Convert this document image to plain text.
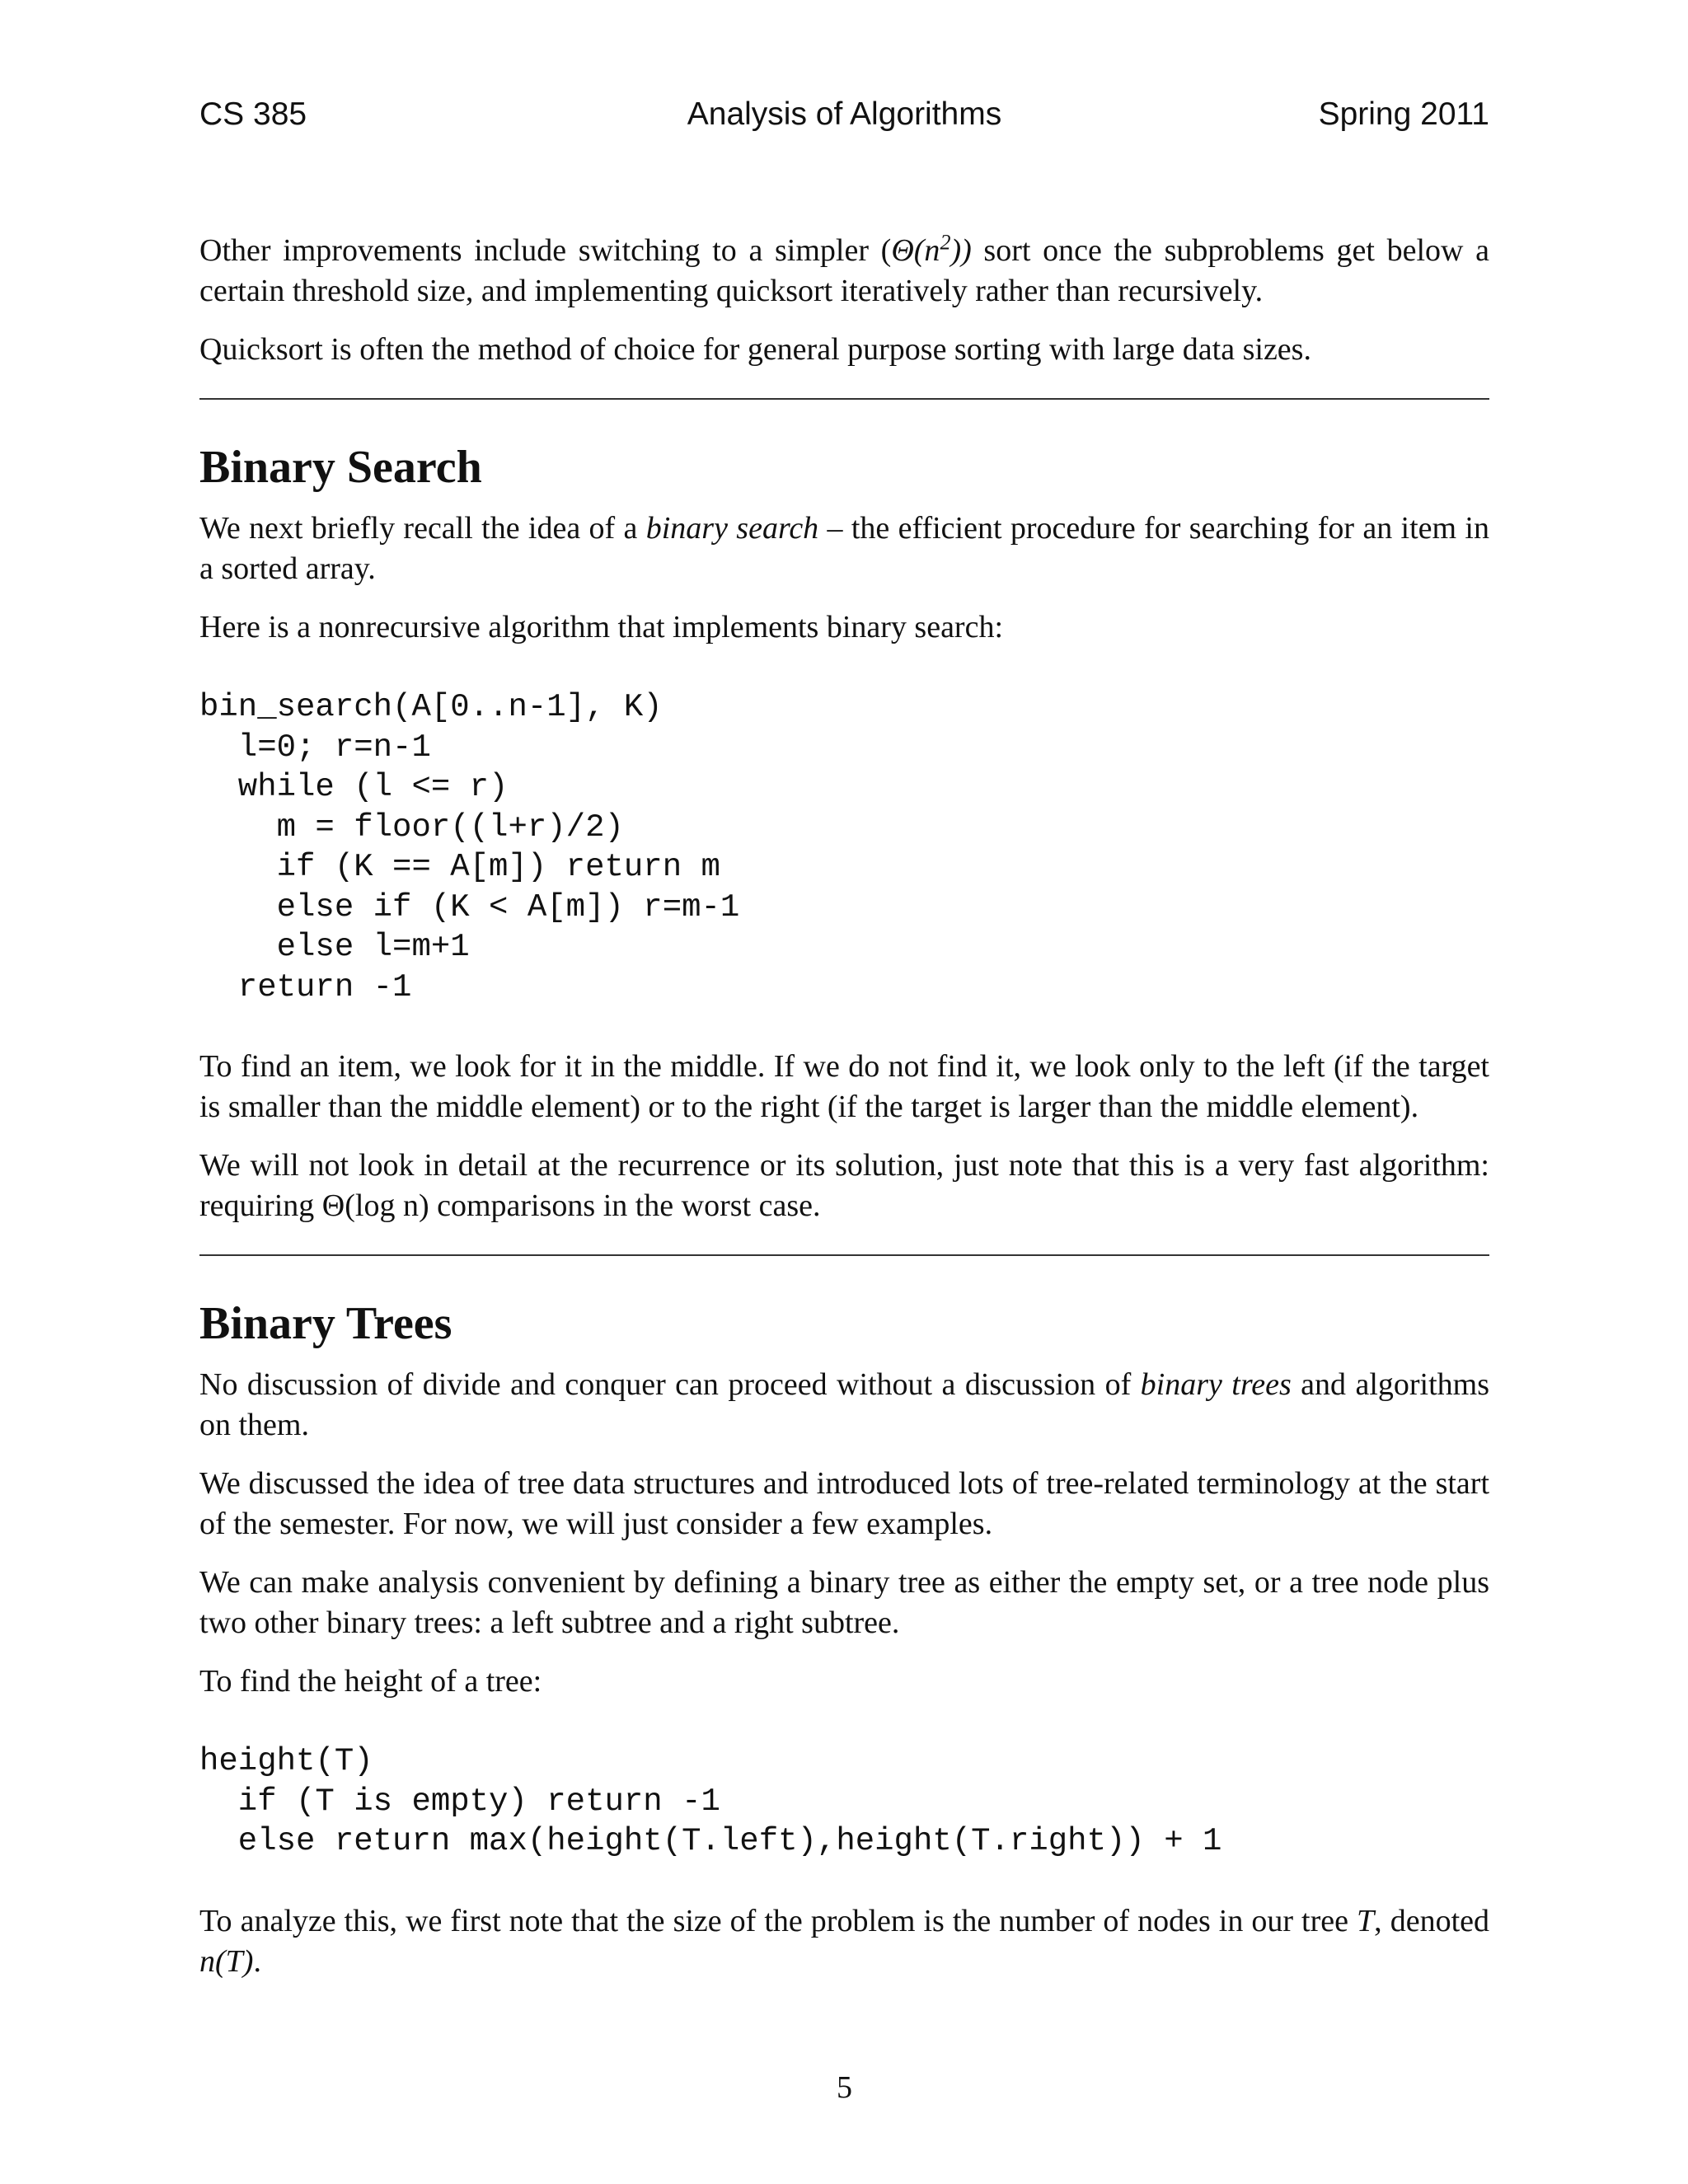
CS 385	Analysis of Algorithms	Spring 2011

Other improvements include switching to a simpler $(\Theta(n^2))$ sort once the subproblems get below a certain threshold size, and implementing quicksort iteratively rather than recursively.

Quicksort is often the method of choice for general purpose sorting with large data sizes.

Binary Search

We next briefly recall the idea of a binary search – the efficient procedure for searching for an item in a sorted array.

Here is a nonrecursive algorithm that implements binary search:

bin_search(A[0..n-1], K)
l=0; r=n-1
while (l <= r)
m = floor((l+r)/2)
if (K == A[m]) return m
else if (K < A[m]) r=m-1
else l=m+1
return -1

To find an item, we look for it in the middle. If we do not find it, we look only to the left (if the target is smaller than the middle element) or to the right (if the target is larger than the middle element).

We will not look in detail at the recurrence or its solution, just note that this is a very fast algorithm: requiring Θ(log n) comparisons in the worst case.

Binary Trees

No discussion of divide and conquer can proceed without a discussion of binary trees and algorithms on them.

We discussed the idea of tree data structures and introduced lots of tree-related terminology at the start of the semester. For now, we will just consider a few examples.

We can make analysis convenient by defining a binary tree as either the empty set, or a tree node plus two other binary trees: a left subtree and a right subtree.

To find the height of a tree:

height(T)
if (T is empty) return -1
else return max(height(T.left),height(T.right)) + 1

To analyze this, we first note that the size of the problem is the number of nodes in our tree T, denoted n(T).

5
